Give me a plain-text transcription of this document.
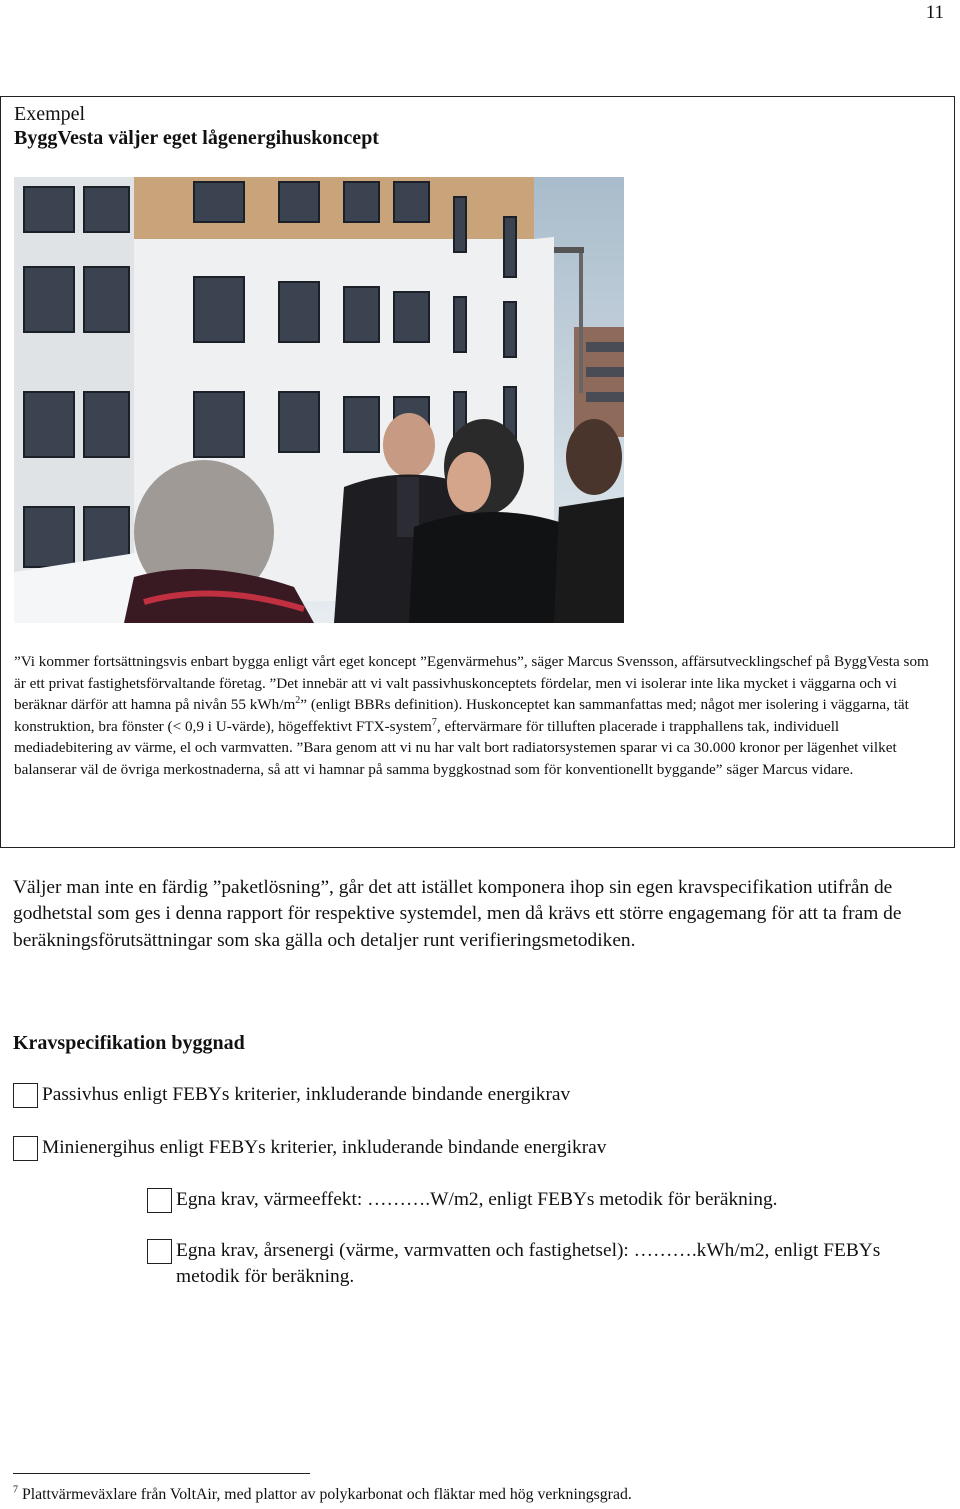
11
Exempel
ByggVesta väljer eget lågenergihuskoncept
”Vi kommer fortsättningsvis enbart bygga enligt vårt eget koncept ”Egenvärmehus”, säger Marcus Svensson, affärsutvecklingschef på ByggVesta som är ett privat fastighetsförvaltande företag. ”Det innebär att vi valt passivhuskonceptets fördelar, men vi isolerar inte lika mycket i väggarna och vi beräknar därför att hamna på nivån 55 kWh/$m^2$” (enligt BBRs definition). Huskonceptet kan sammanfattas med; något mer isolering i väggarna, tät konstruktion, bra fönster (< 0,9 i U-värde), högeffektivt FTX-system$^7$, eftervärmare för tilluften placerade i trapphallens tak, individuell mediadebitering av värme, el och varmvatten. ”Bara genom att vi nu har valt bort radiatorsystemen sparar vi ca 30.000 kronor per lägenhet vilket balanserar väl de övriga merkostnaderna, så att vi hamnar på samma byggkostnad som för konventionellt byggande” säger Marcus vidare.
Väljer man inte en färdig ”paketlösning”, går det att istället komponera ihop sin egen kravspecifikation utifrån de godhetstal som ges i denna rapport för respektive systemdel, men då krävs ett större engagemang för att ta fram de beräkningsförutsättningar som ska gälla och detaljer runt verifieringsmetodiken.
Kravspecifikation byggnad
Passivhus enligt FEBYs kriterier, inkluderande bindande energikrav
Minienergihus enligt FEBYs kriterier, inkluderande bindande energikrav
Egna krav, värmeeffekt: ……….W/m2, enligt FEBYs metodik för beräkning.
Egna krav, årsenergi (värme, varmvatten och fastighetsel): ……….kWh/m2, enligt FEBYs metodik för beräkning.
$^7$ Plattvärmeväxlare från VoltAir, med plattor av polykarbonat och fläktar med hög verkningsgrad.
